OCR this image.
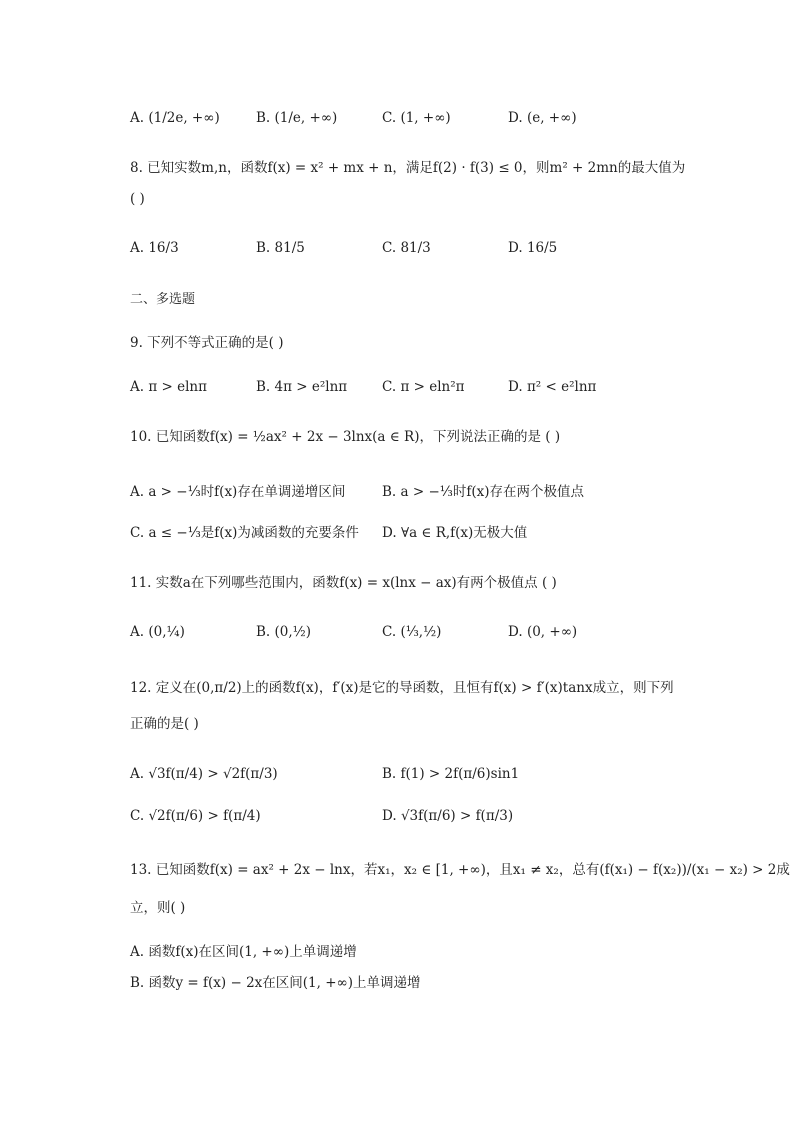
A. (1/2e, +∞)	B. (1/e, +∞)	C. (1, +∞)	D. (e, +∞)
8. 已知实数m,n，函数f(x) = x² + mx + n，满足f(2) · f(3) ≤ 0，则m² + 2mn的最大值为
( )
A. 16/3	B. 81/5	C. 81/3	D. 16/5
二、多选题
9. 下列不等式正确的是( )
A. π > elnπ	B. 4π > e²lnπ	C. π > eln²π	D. π² < e²lnπ
10. 已知函数f(x) = ½ax² + 2x − 3lnx(a ∈ R)，下列说法正确的是 ( )
A. a > −⅓时f(x)存在单调递增区间	B. a > −⅓时f(x)存在两个极值点
C. a ≤ −⅓是f(x)为减函数的充要条件 D. ∀a ∈ R,f(x)无极大值
11. 实数a在下列哪些范围内，函数f(x) = x(lnx − ax)有两个极值点 ( )
A. (0,¼)	B. (0,½)	C. (⅓,½)	D. (0, +∞)
12. 定义在(0,π/2)上的函数f(x)，f′(x)是它的导函数，且恒有f(x) > f′(x)tanx成立，则下列
正确的是( )
A. √3f(π/4) > √2f(π/3)	B. f(1) > 2f(π/6)sin1
C. √2f(π/6) > f(π/4)	D. √3f(π/6) > f(π/3)
13. 已知函数f(x) = ax² + 2x − lnx，若x₁，x₂ ∈ [1, +∞)，且x₁ ≠ x₂，总有(f(x₁) − f(x₂))/(x₁ − x₂) > 2成
立，则( )
A. 函数f(x)在区间(1, +∞)上单调递增
B. 函数y = f(x) − 2x在区间(1, +∞)上单调递增
